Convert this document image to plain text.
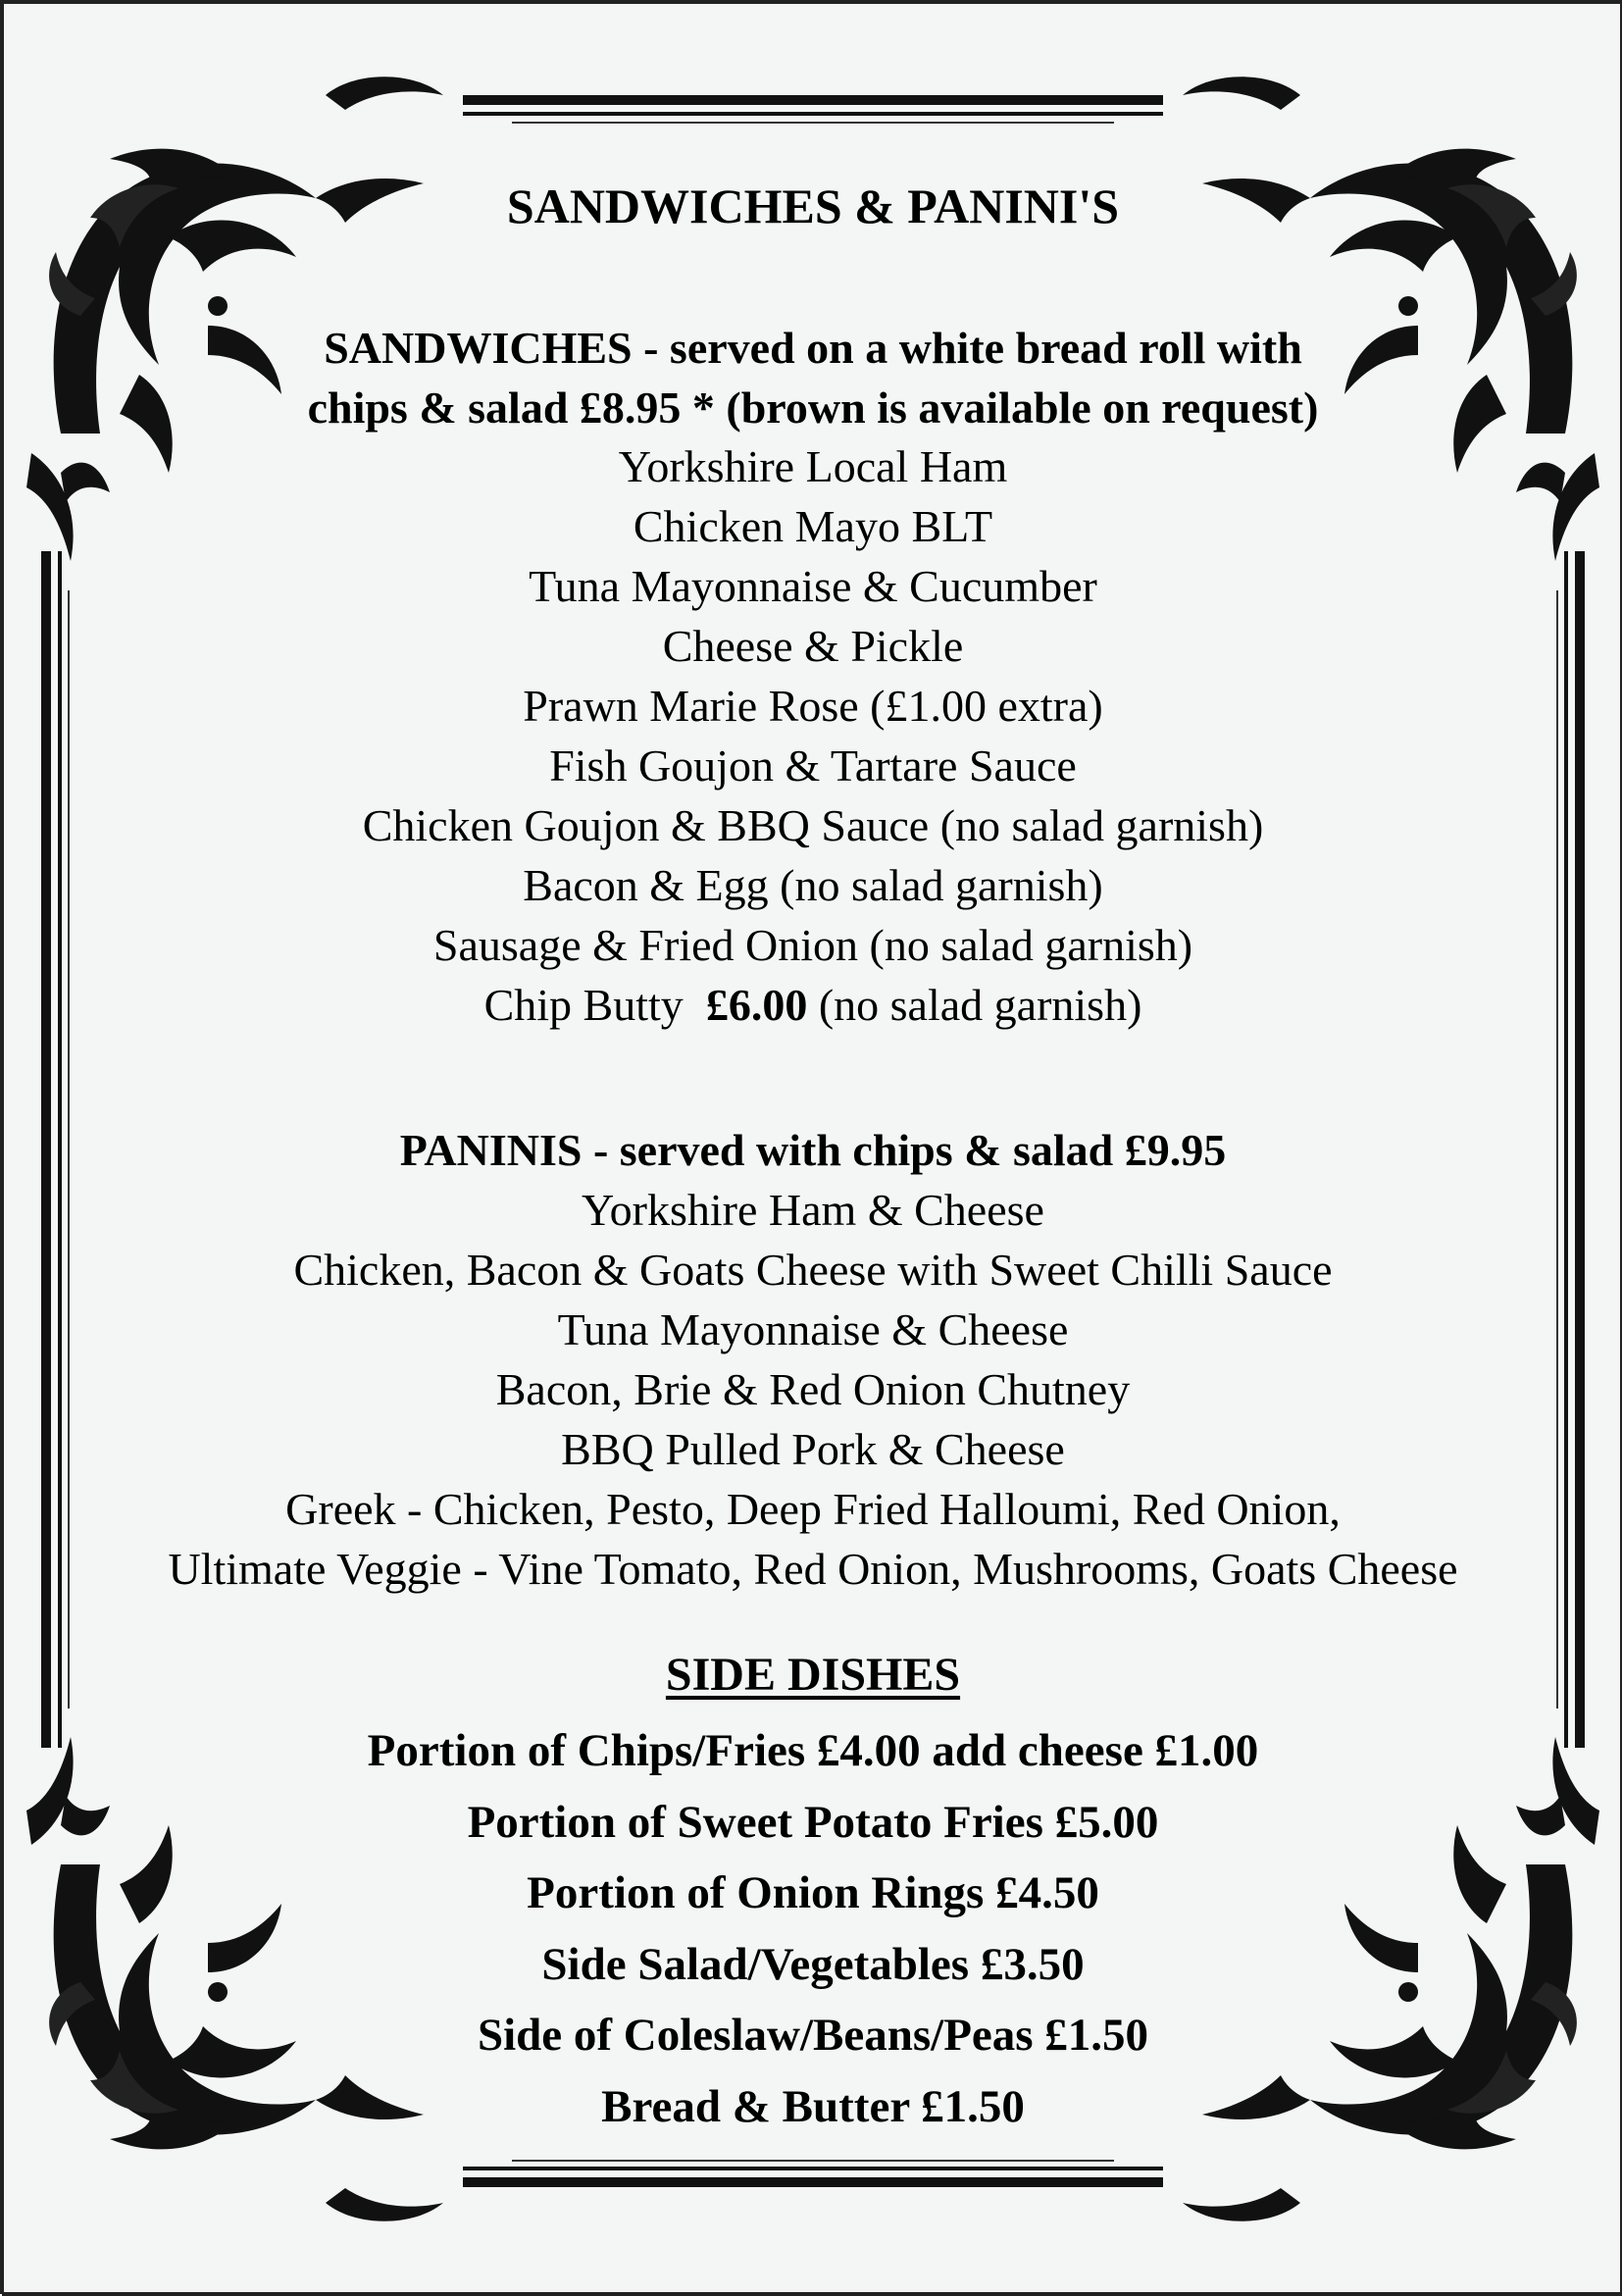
SANDWICHES & PANINI'S
SANDWICHES - served on a white bread roll with
chips & salad £8.95 * (brown is available on request)
Yorkshire Local Ham
Chicken Mayo BLT
Tuna Mayonnaise & Cucumber
Cheese & Pickle
Prawn Marie Rose (£1.00 extra)
Fish Goujon & Tartare Sauce
Chicken Goujon & BBQ Sauce (no salad garnish)
Bacon & Egg (no salad garnish)
Sausage & Fried Onion (no salad garnish)
Chip Butty £6.00 (no salad garnish)
PANINIS - served with chips & salad £9.95
Yorkshire Ham & Cheese
Chicken, Bacon & Goats Cheese with Sweet Chilli Sauce
Tuna Mayonnaise & Cheese
Bacon, Brie & Red Onion Chutney
BBQ Pulled Pork & Cheese
Greek - Chicken, Pesto, Deep Fried Halloumi, Red Onion,
Ultimate Veggie - Vine Tomato, Red Onion, Mushrooms, Goats Cheese
SIDE DISHES
Portion of Chips/Fries £4.00 add cheese £1.00
Portion of Sweet Potato Fries £5.00
Portion of Onion Rings £4.50
Side Salad/Vegetables £3.50
Side of Coleslaw/Beans/Peas £1.50
Bread & Butter £1.50
